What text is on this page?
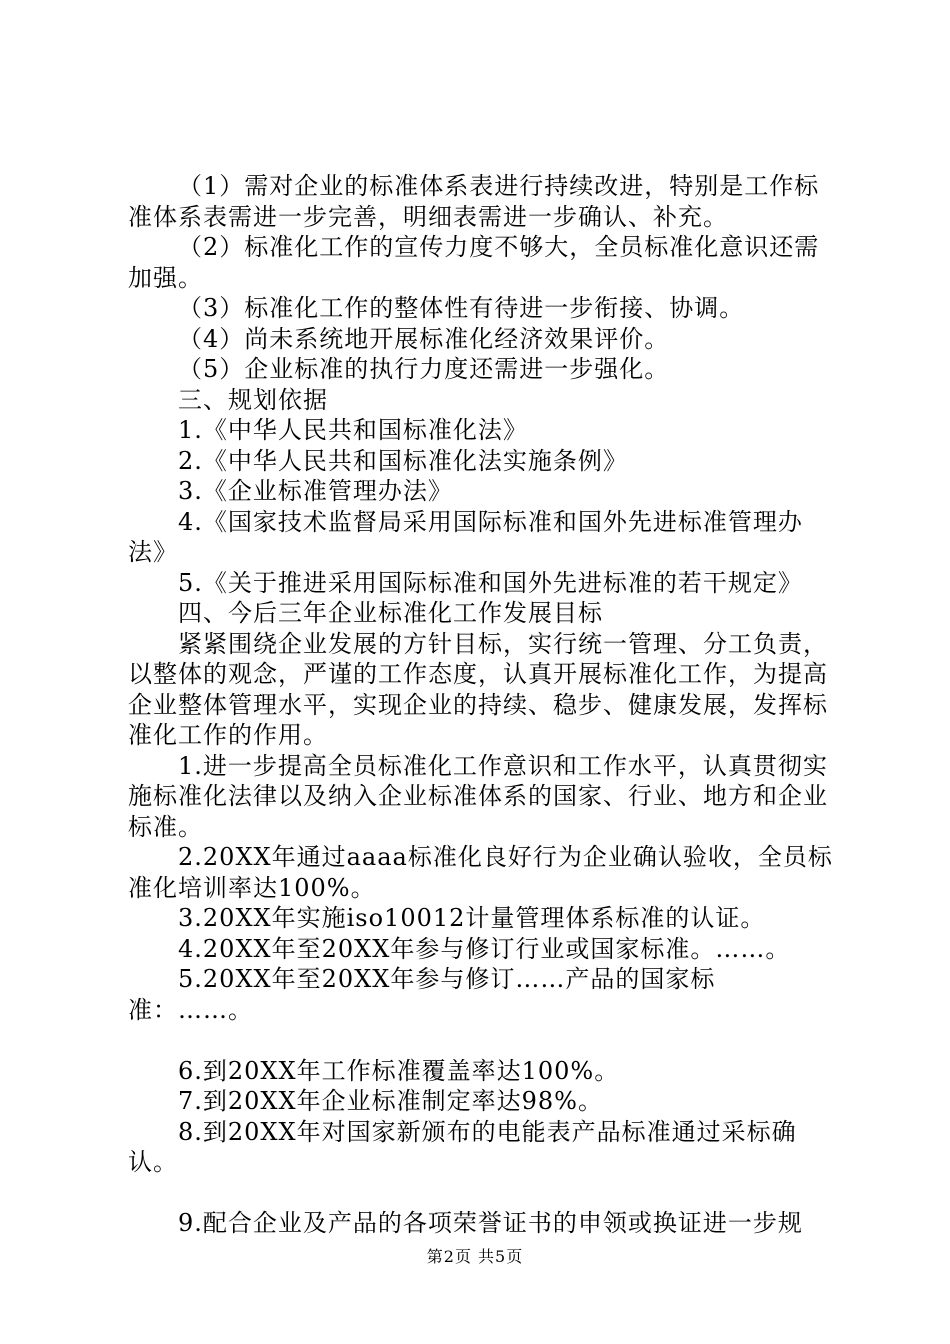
（1）需对企业的标准体系表进行持续改进，特别是工作标准体系表需进一步完善，明细表需进一步确认、补充。

（2）标准化工作的宣传力度不够大，全员标准化意识还需加强。

（3）标准化工作的整体性有待进一步衔接、协调。

（4）尚未系统地开展标准化经济效果评价。

（5）企业标准的执行力度还需进一步强化。

三、规划依据

1.《中华人民共和国标准化法》

2.《中华人民共和国标准化法实施条例》

3.《企业标准管理办法》

4.《国家技术监督局采用国际标准和国外先进标准管理办法》

5.《关于推进采用国际标准和国外先进标准的若干规定》

四、今后三年企业标准化工作发展目标

紧紧围绕企业发展的方针目标，实行统一管理、分工负责，以整体的观念，严谨的工作态度，认真开展标准化工作，为提高企业整体管理水平，实现企业的持续、稳步、健康发展，发挥标准化工作的作用。

1.进一步提高全员标准化工作意识和工作水平，认真贯彻实施标准化法律以及纳入企业标准体系的国家、行业、地方和企业标准。

2.20XX年通过aaaa标准化良好行为企业确认验收，全员标准化培训率达100%。

3.20XX年实施iso10012计量管理体系标准的认证。

4.20XX年至20XX年参与修订行业或国家标准。……。

5.20XX年至20XX年参与修订……产品的国家标准：……。

6.到20XX年工作标准覆盖率达100%。

7.到20XX年企业标准制定率达98%。

8.到20XX年对国家新颁布的电能表产品标准通过采标确认。

9.配合企业及产品的各项荣誉证书的申领或换证进一步规

第2页 共5页
